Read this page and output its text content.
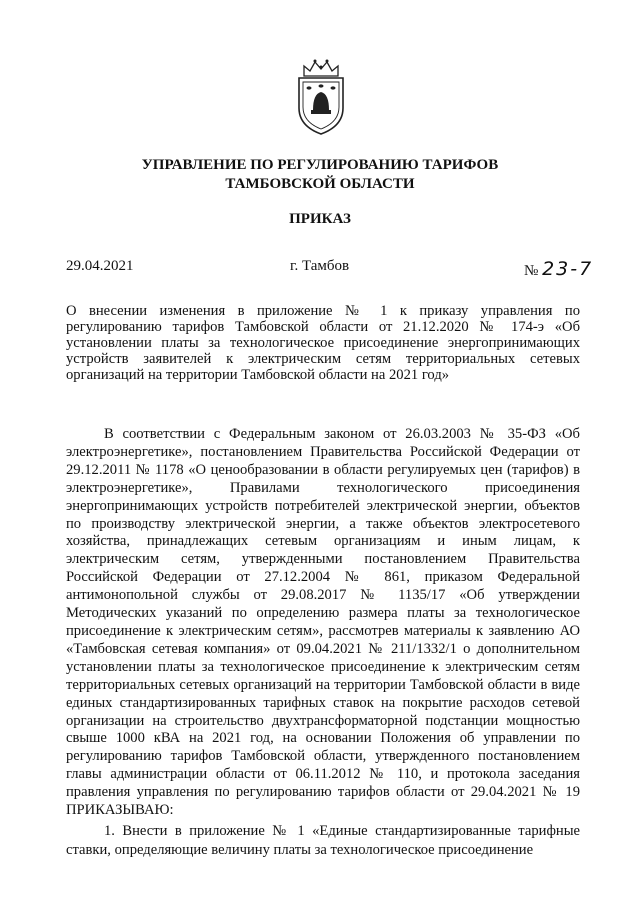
УПРАВЛЕНИЕ ПО РЕГУЛИРОВАНИЮ ТАРИФОВ
ТАМБОВСКОЙ ОБЛАСТИ
ПРИКАЗ
29.04.2021	г. Тамбов	№ 23-7

О внесении изменения в приложение № 1 к приказу управления по регулированию тарифов Тамбовской области от 21.12.2020 № 174-э «Об установлении платы за технологическое присоединение энергопринимающих устройств заявителей к электрическим сетям территориальных сетевых организаций на территории Тамбовской области на 2021 год»

В соответствии с Федеральным законом от 26.03.2003 № 35-ФЗ «Об электроэнергетике», постановлением Правительства Российской Федерации от 29.12.2011 № 1178 «О ценообразовании в области регулируемых цен (тарифов) в электроэнергетике», Правилами технологического присоединения энергопринимающих устройств потребителей электрической энергии, объектов по производству электрической энергии, а также объектов электросетевого хозяйства, принадлежащих сетевым организациям и иным лицам, к электрическим сетям, утвержденными постановлением Правительства Российской Федерации от 27.12.2004 № 861, приказом Федеральной антимонопольной службы от 29.08.2017 № 1135/17 «Об утверждении Методических указаний по определению размера платы за технологическое присоединение к электрическим сетям», рассмотрев материалы к заявлению АО «Тамбовская сетевая компания» от 09.04.2021 № 211/1332/1 о дополнительном установлении платы за технологическое присоединение к электрическим сетям территориальных сетевых организаций на территории Тамбовской области в виде единых стандартизированных тарифных ставок на покрытие расходов сетевой организации на строительство двухтрансформаторной подстанции мощностью свыше 1000 кВА на 2021 год, на основании Положения об управлении по регулированию тарифов Тамбовской области, утвержденного постановлением главы администрации области от 06.11.2012 № 110, и протокола заседания правления управления по регулированию тарифов области от 29.04.2021 № 19 ПРИКАЗЫВАЮ:

1. Внести в приложение № 1 «Единые стандартизированные тарифные ставки, определяющие величину платы за технологическое присоединение
